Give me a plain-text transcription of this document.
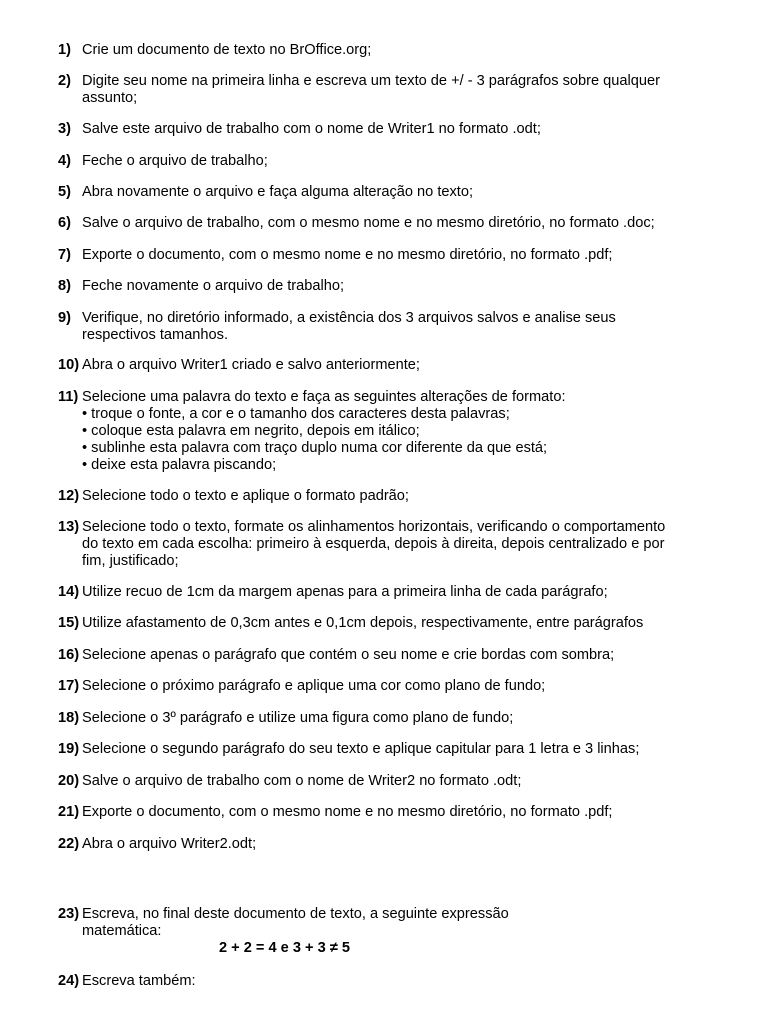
1) Crie um documento de texto no BrOffice.org;
2) Digite seu nome na primeira linha e escreva um texto de +/ - 3 parágrafos sobre qualquer
assunto;
3) Salve este arquivo de trabalho com o nome de Writer1 no formato .odt;
4) Feche o arquivo de trabalho;
5) Abra novamente o arquivo e faça alguma alteração no texto;
6) Salve o arquivo de trabalho, com o mesmo nome e no mesmo diretório, no formato .doc;
7) Exporte o documento, com o mesmo nome e no mesmo diretório, no formato .pdf;
8) Feche novamente o arquivo de trabalho;
9) Verifique, no diretório informado, a existência dos 3 arquivos salvos e analise seus
respectivos tamanhos.
10) Abra o arquivo Writer1 criado e salvo anteriormente;
11) Selecione uma palavra do texto e faça as seguintes alterações de formato:
• troque o fonte, a cor e o tamanho dos caracteres desta palavras;
• coloque esta palavra em negrito, depois em itálico;
• sublinhe esta palavra com traço duplo numa cor diferente da que está;
• deixe esta palavra piscando;
12) Selecione todo o texto e aplique o formato padrão;
13) Selecione todo o texto, formate os alinhamentos horizontais, verificando o comportamento
do texto em cada escolha: primeiro à esquerda, depois à direita, depois centralizado e por
fim, justificado;
14) Utilize recuo de 1cm da margem apenas para a primeira linha de cada parágrafo;
15) Utilize afastamento de 0,3cm antes e 0,1cm depois, respectivamente, entre parágrafos
16) Selecione apenas o parágrafo que contém o seu nome e crie bordas com sombra;
17) Selecione o próximo parágrafo e aplique uma cor como plano de fundo;
18) Selecione o 3º parágrafo e utilize uma figura como plano de fundo;
19) Selecione o segundo parágrafo do seu texto e aplique capitular para 1 letra e 3 linhas;
20) Salve o arquivo de trabalho com o nome de Writer2 no formato .odt;
21) Exporte o documento, com o mesmo nome e no mesmo diretório, no formato .pdf;
22) Abra o arquivo Writer2.odt;
23) Escreva, no final deste documento de texto, a seguinte expressão
matemática:
2 + 2 = 4 e 3 + 3 ≠ 5
24) Escreva também:
